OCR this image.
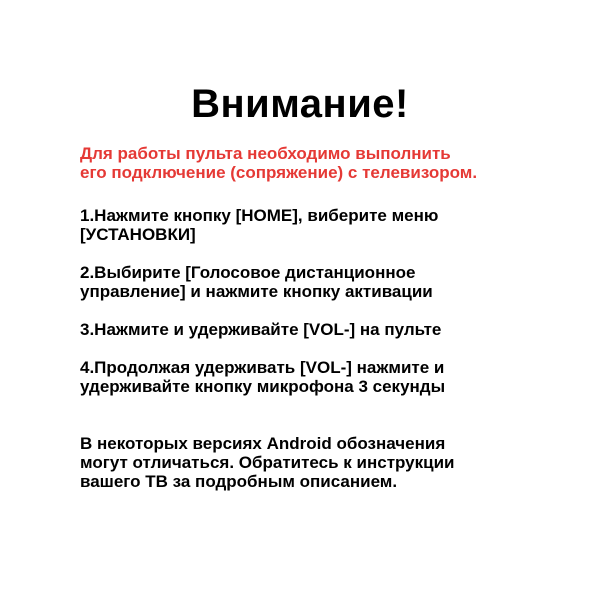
Внимание!
Для работы пульта необходимо выполнить
его подключение (сопряжение) с телевизором.
1.Нажмите кнопку [HOME], виберите меню
[УСТАНОВКИ]
2.Выбирите [Голосовое дистанционное
управление] и нажмите кнопку активации
3.Нажмите и удерживайте [VOL-] на пульте
4.Продолжая удерживать [VOL-] нажмите и
удерживайте кнопку микрофона 3 секунды
В некоторых версиях Android обозначения
могут отличаться. Обратитесь к инструкции
вашего ТВ за подробным описанием.
